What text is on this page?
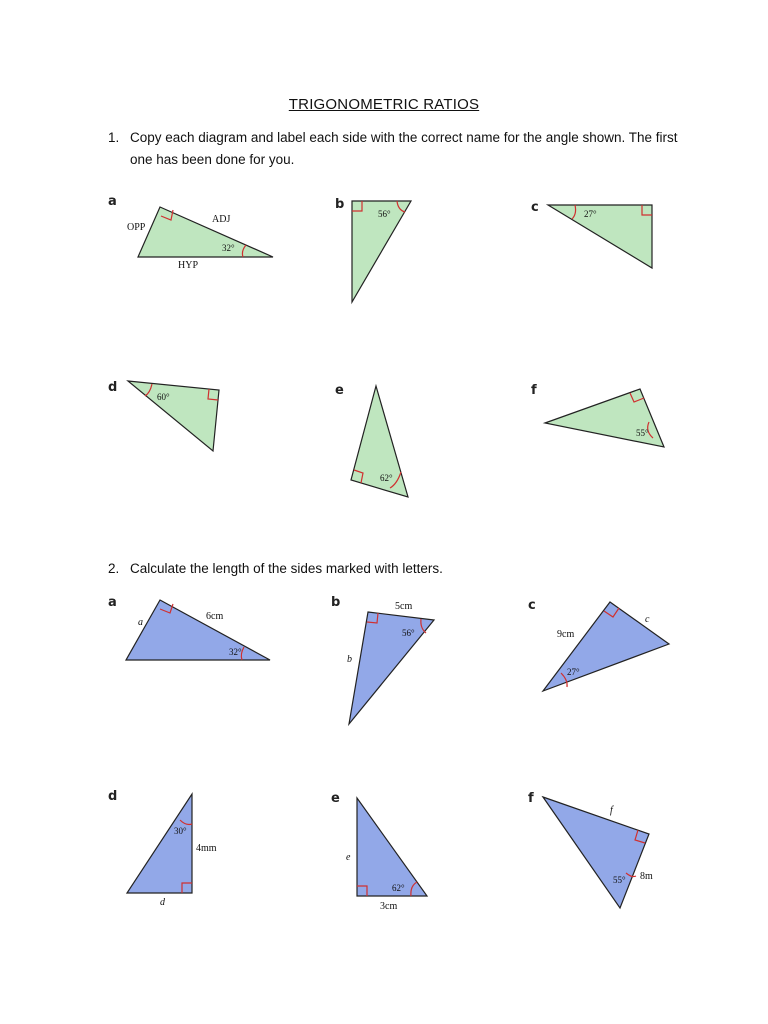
TRIGONOMETRIC RATIOS
1. Copy each diagram and label each side with the correct name for the angle shown. The first one has been done for you.
2. Calculate the length of the sides marked with letters.
a	b	c
d	e	f
a	b	c
d	e	f
OPP
ADJ
HYP
32°
56°	27°
60°
62°
55°
a
6cm
32°
5cm
b
56°	9cm
c
27°
30°
4mm
d
62°
e
3cm
55° 8m
f
